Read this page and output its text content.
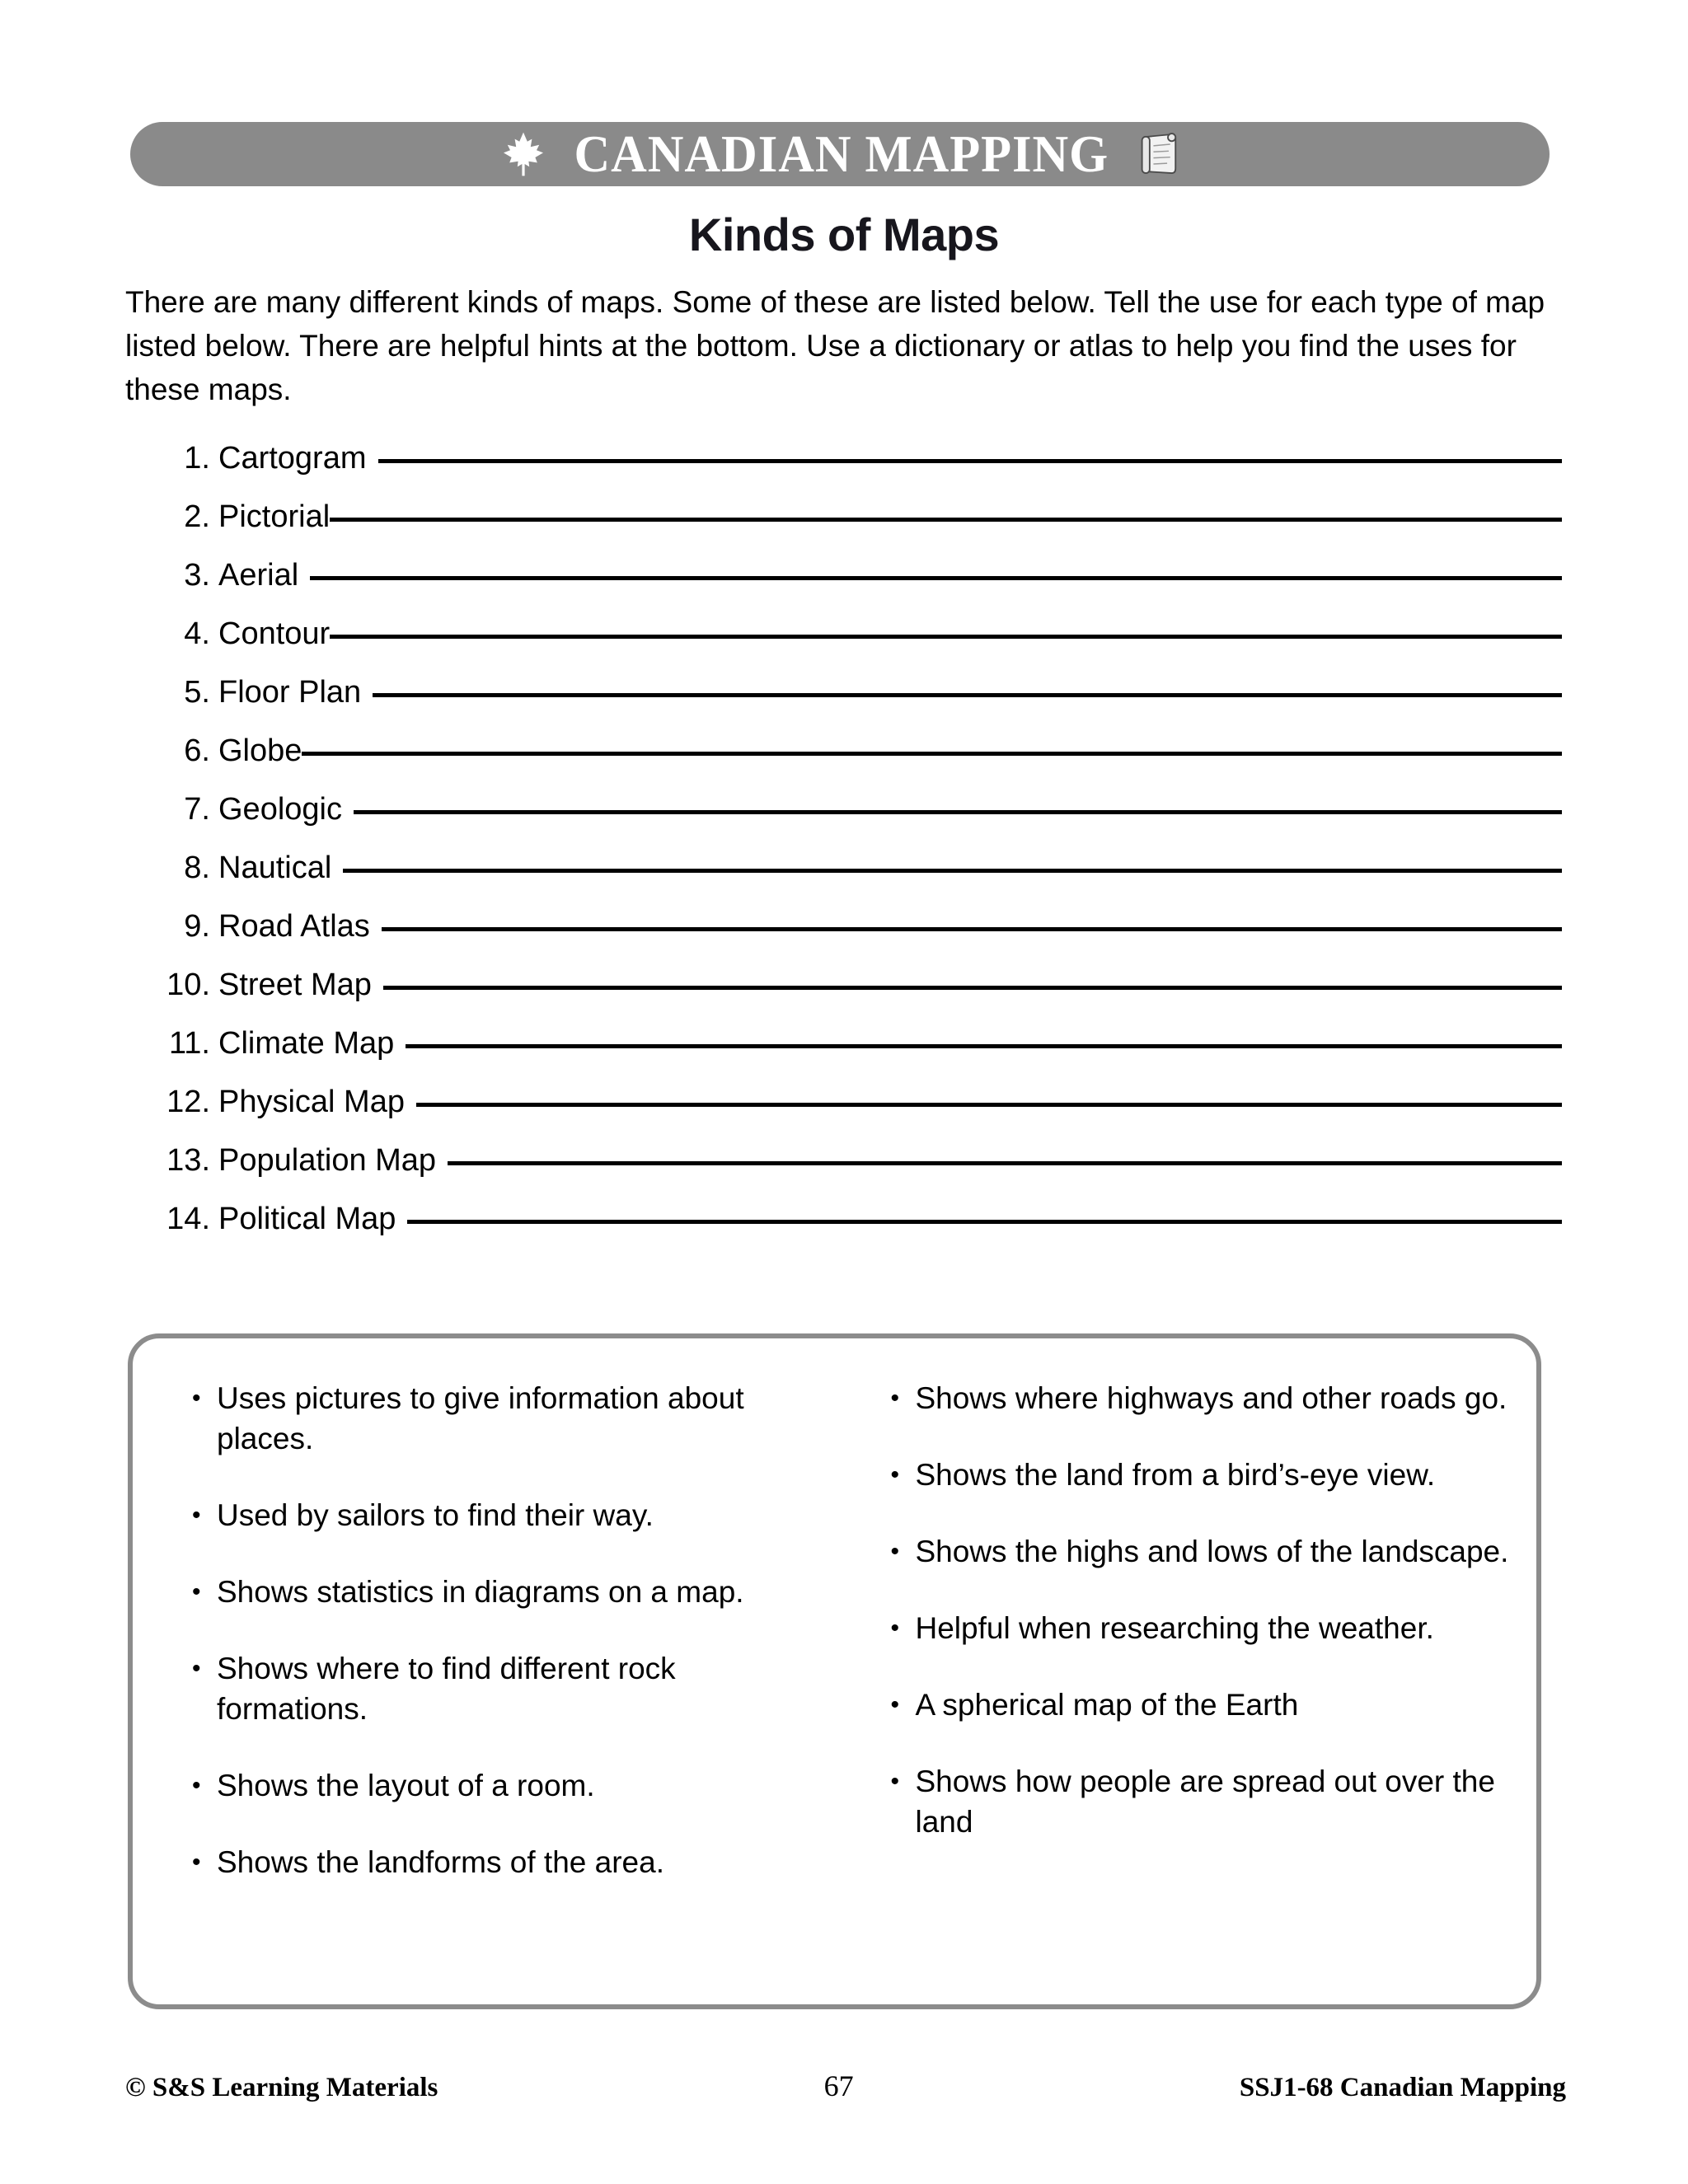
CANADIAN MAPPING
Kinds of Maps
There are many different kinds of maps. Some of these are listed below. Tell the use for each type of map listed below. There are helpful hints at the bottom. Use a dictionary or atlas to help you find the uses for these maps.
1. Cartogram
2. Pictorial
3. Aerial
4. Contour
5. Floor Plan
6. Globe
7. Geologic
8. Nautical
9. Road Atlas
10. Street Map
11. Climate Map
12. Physical Map
13. Population Map
14. Political Map
• Uses pictures to give information about places.
• Used by sailors to find their way.
• Shows statistics in diagrams on a map.
• Shows where to find different rock formations.
• Shows the layout of a room.
• Shows the landforms of the area.
• Shows where highways and other roads go.
• Shows the land from a bird’s-eye view.
• Shows the highs and lows of the landscape.
• Helpful when researching the weather.
• A spherical map of the Earth
• Shows how people are spread out over the land
© S&S Learning Materials	67	SSJ1-68 Canadian Mapping
